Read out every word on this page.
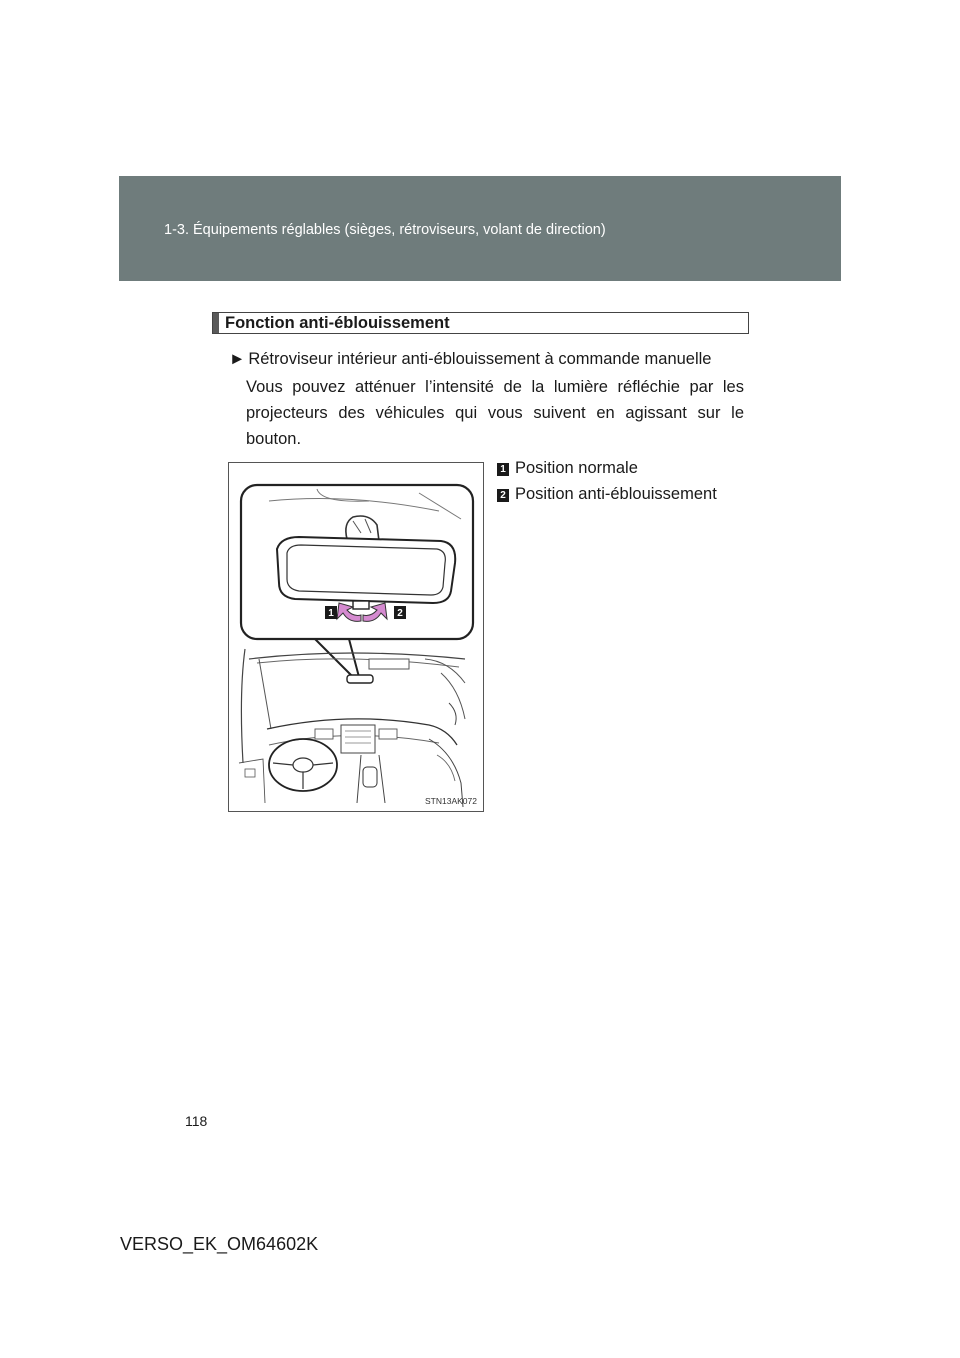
1-3. Équipements réglables (sièges, rétroviseurs, volant de direction)
Fonction anti-éblouissement
► Rétroviseur intérieur anti-éblouissement à commande manuelle
Vous pouvez atténuer l’intensité de la lumière réfléchie par les projecteurs des véhicules qui vous suivent en agissant sur le bouton.
1 Position normale
2 Position anti-éblouissement
1	2
STN13AK072
118
VERSO_EK_OM64602K
